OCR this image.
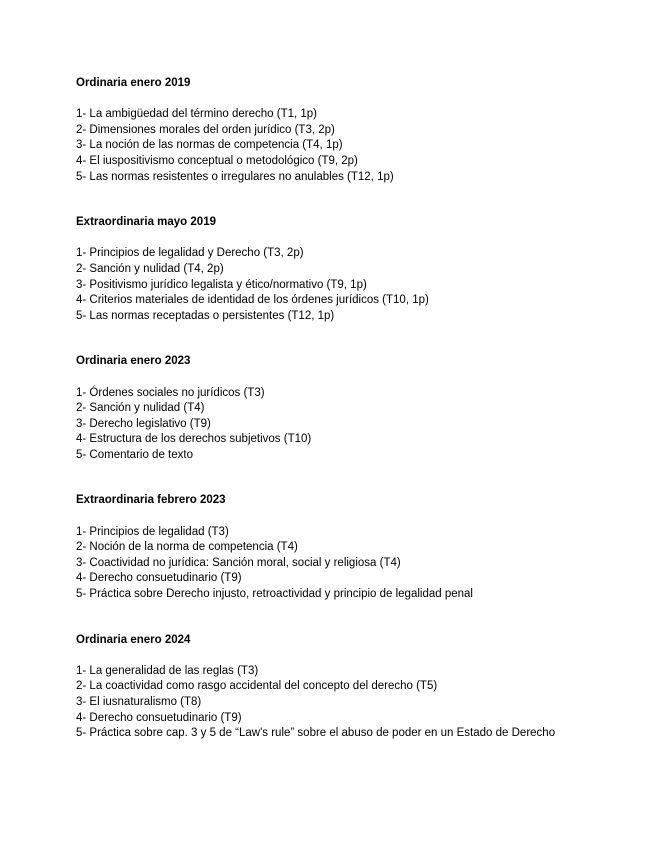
Ordinaria enero 2019
1- La ambigüedad del término derecho (T1, 1p)
2- Dimensiones morales del orden jurídico (T3, 2p)
3- La noción de las normas de competencia (T4, 1p)
4- El iuspositivismo conceptual o metodológico (T9, 2p)
5- Las normas resistentes o irregulares no anulables (T12, 1p)
Extraordinaria mayo 2019
1- Principios de legalidad y Derecho (T3, 2p)
2- Sanción y nulidad (T4, 2p)
3- Positivismo jurídico legalista y ético/normativo (T9, 1p)
4- Criterios materiales de identidad de los órdenes jurídicos (T10, 1p)
5- Las normas receptadas o persistentes (T12, 1p)
Ordinaria enero 2023
1- Órdenes sociales no jurídicos (T3)
2- Sanción y nulidad (T4)
3- Derecho legislativo (T9)
4- Estructura de los derechos subjetivos (T10)
5- Comentario de texto
Extraordinaria febrero 2023
1- Principios de legalidad (T3)
2- Noción de la norma de competencia (T4)
3- Coactividad no jurídica: Sanción moral, social y religiosa (T4)
4- Derecho consuetudinario (T9)
5- Práctica sobre Derecho injusto, retroactividad y principio de legalidad penal
Ordinaria enero 2024
1- La generalidad de las reglas (T3)
2- La coactividad como rasgo accidental del concepto del derecho (T5)
3- El iusnaturalismo (T8)
4- Derecho consuetudinario (T9)
5- Práctica sobre cap. 3 y 5 de “Law's rule” sobre el abuso de poder en un Estado de Derecho
